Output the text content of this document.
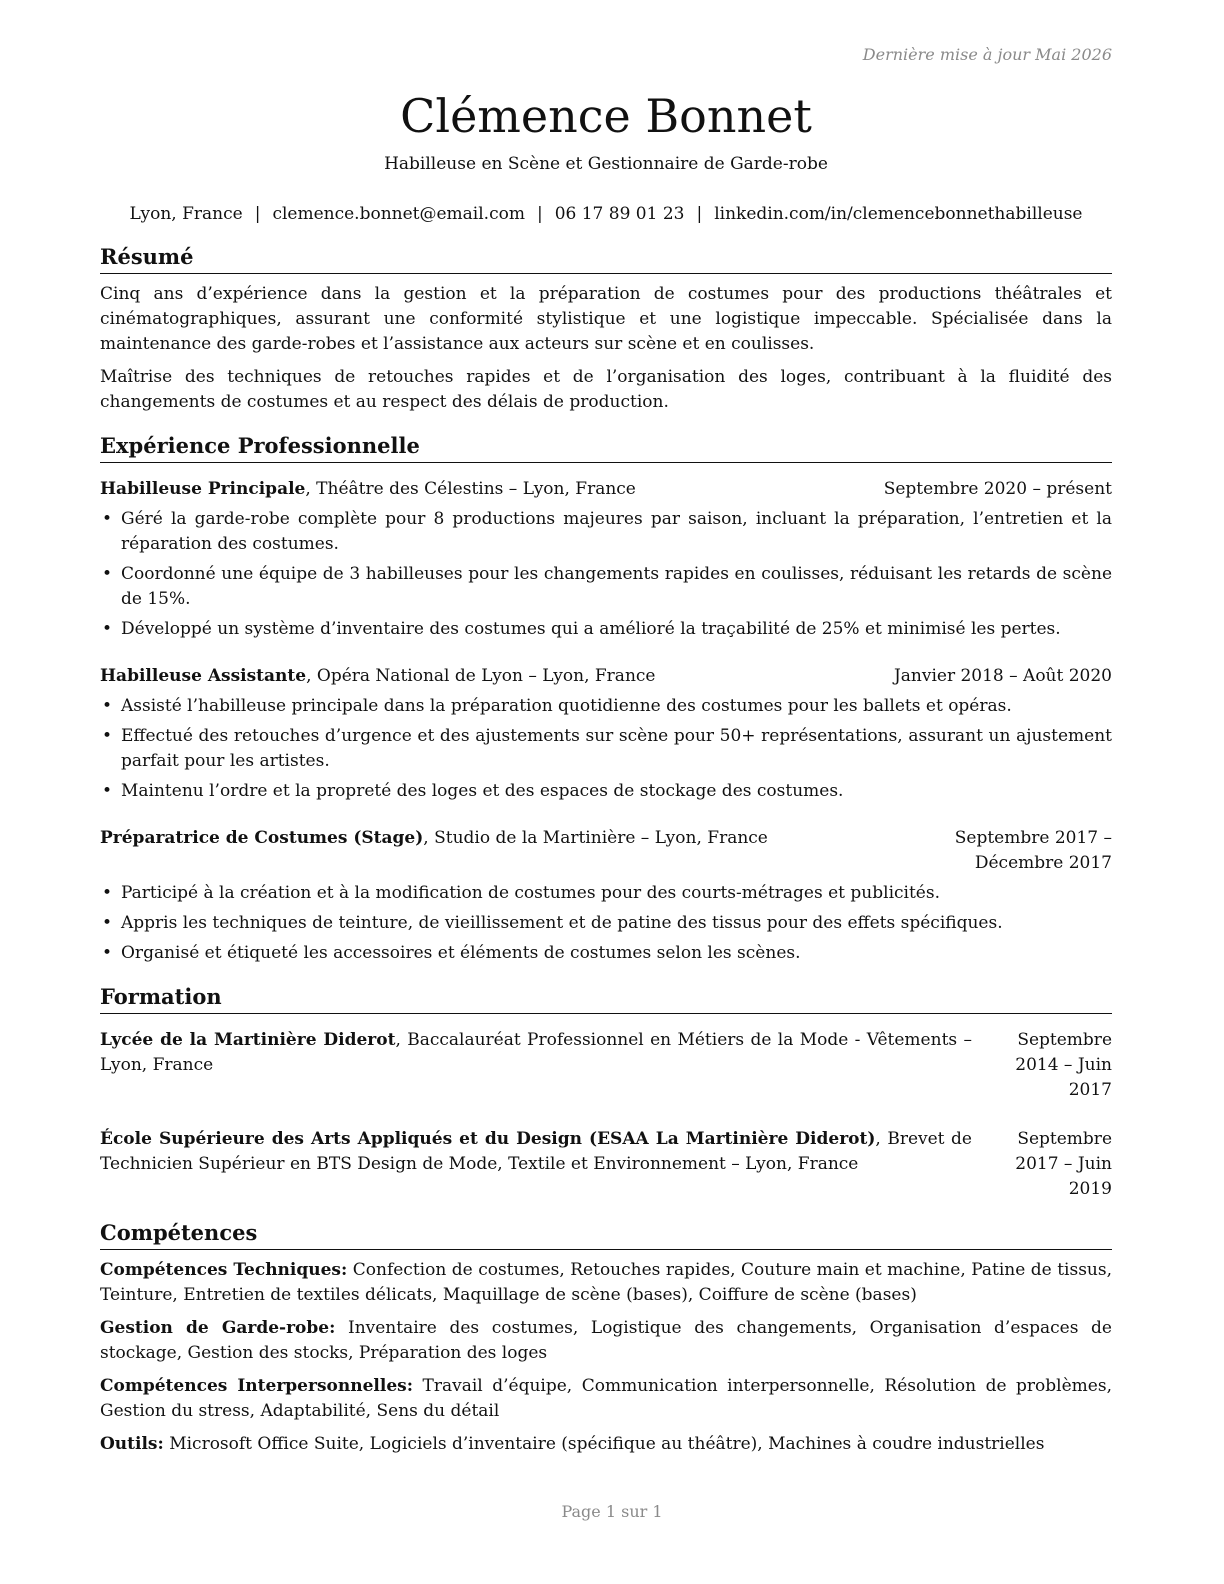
Dernière mise à jour Mai 2026
Clémence Bonnet
Habilleuse en Scène et Gestionnaire de Garde-robe
Lyon, France | clemence.bonnet@email.com | 06 17 89 01 23 | linkedin.com/in/clemencebonnethabilleuse
Résumé
Cinq ans d’expérience dans la gestion et la préparation de costumes pour des productions théâtrales et cinématographiques, assurant une conformité stylistique et une logistique impeccable. Spécialisée dans la maintenance des garde-robes et l’assistance aux acteurs sur scène et en coulisses.
Maîtrise des techniques de retouches rapides et de l’organisation des loges, contribuant à la fluidité des changements de costumes et au respect des délais de production.
Expérience Professionnelle
Habilleuse Principale, Théâtre des Célestins – Lyon, France	Septembre 2020 – présent
• Géré la garde-robe complète pour 8 productions majeures par saison, incluant la préparation, l’entretien et la réparation des costumes.
• Coordonné une équipe de 3 habilleuses pour les changements rapides en coulisses, réduisant les retards de scène de 15%.
• Développé un système d’inventaire des costumes qui a amélioré la traçabilité de 25% et minimisé les pertes.
Habilleuse Assistante, Opéra National de Lyon – Lyon, France	Janvier 2018 – Août 2020
• Assisté l’habilleuse principale dans la préparation quotidienne des costumes pour les ballets et opéras.
• Effectué des retouches d’urgence et des ajustements sur scène pour 50+ représentations, assurant un ajustement parfait pour les artistes.
• Maintenu l’ordre et la propreté des loges et des espaces de stockage des costumes.
Préparatrice de Costumes (Stage), Studio de la Martinière – Lyon, France	Septembre 2017 – Décembre 2017
• Participé à la création et à la modification de costumes pour des courts-métrages et publicités.
• Appris les techniques de teinture, de vieillissement et de patine des tissus pour des effets spécifiques.
• Organisé et étiqueté les accessoires et éléments de costumes selon les scènes.
Formation
Lycée de la Martinière Diderot, Baccalauréat Professionnel en Métiers de la Mode - Vêtements – Lyon, France
Septembre 2014 – Juin 2017
École Supérieure des Arts Appliqués et du Design (ESAA La Martinière Diderot), Brevet de Technicien Supérieur en BTS Design de Mode, Textile et Environnement – Lyon, France
Septembre 2017 – Juin 2019
Compétences
Compétences Techniques: Confection de costumes, Retouches rapides, Couture main et machine, Patine de tissus, Teinture, Entretien de textiles délicats, Maquillage de scène (bases), Coiffure de scène (bases)
Gestion de Garde-robe: Inventaire des costumes, Logistique des changements, Organisation d’espaces de stockage, Gestion des stocks, Préparation des loges
Compétences Interpersonnelles: Travail d’équipe, Communication interpersonnelle, Résolution de problèmes, Gestion du stress, Adaptabilité, Sens du détail
Outils: Microsoft Office Suite, Logiciels d’inventaire (spécifique au théâtre), Machines à coudre industrielles
Page 1 sur 1
